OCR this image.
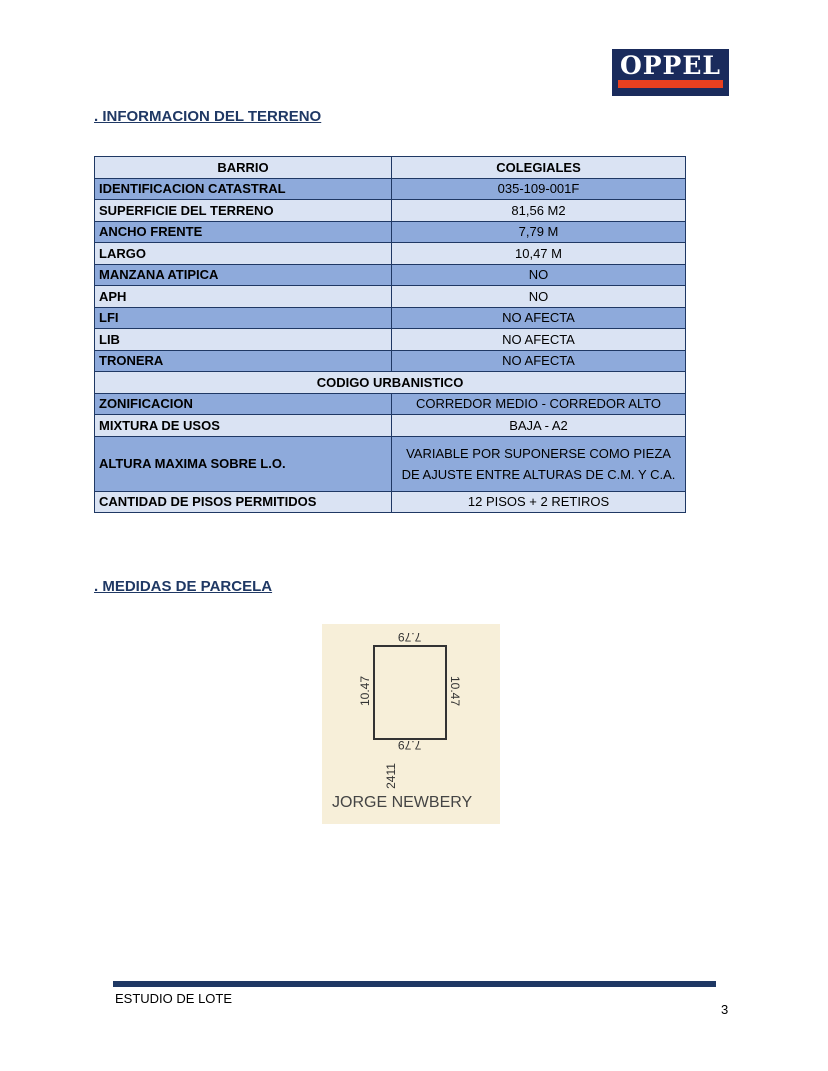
OPPEL
. INFORMACION DEL TERRENO
BARRIO	COLEGIALES
IDENTIFICACION CATASTRAL	035-109-001F
SUPERFICIE DEL TERRENO	81,56 M2
ANCHO FRENTE	7,79 M
LARGO	10,47 M
MANZANA ATIPICA	NO
APH	NO
LFI	NO AFECTA
LIB	NO AFECTA
TRONERA	NO AFECTA
CODIGO URBANISTICO	
ZONIFICACION	CORREDOR MEDIO - CORREDOR ALTO
MIXTURA DE USOS	BAJA - A2
ALTURA MAXIMA SOBRE L.O.	VARIABLE POR SUPONERSE COMO PIEZA DE AJUSTE ENTRE ALTURAS DE C.M. Y C.A.
CANTIDAD DE PISOS PERMITIDOS	12 PISOS + 2 RETIROS
. MEDIDAS DE PARCELA
7.79
7.79
10.47	10.47
2411
JORGE NEWBERY
ESTUDIO DE LOTE
3
